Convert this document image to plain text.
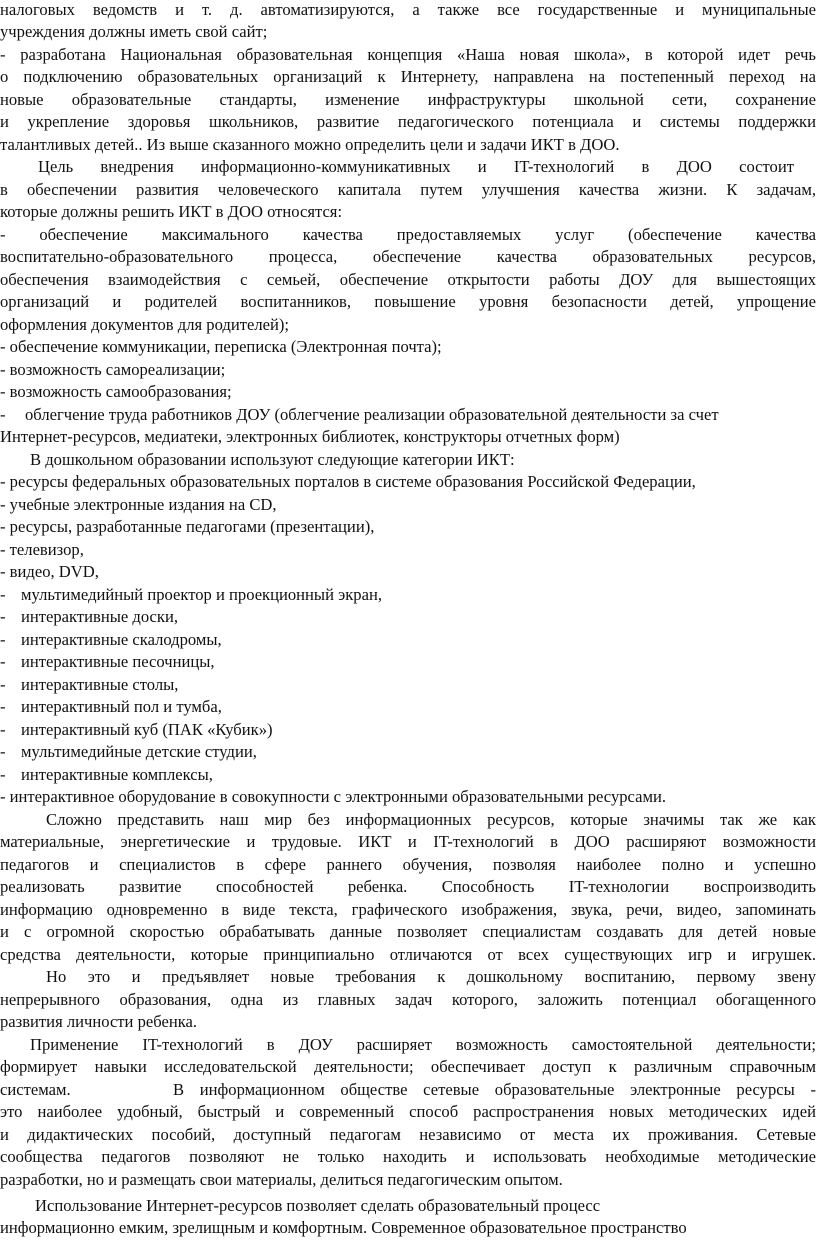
налоговых ведомств и т. д. автоматизируются, а также все государственные и муниципальные
учреждения должны иметь свой сайт;
- разработана Национальная образовательная концепция «Наша новая школа», в которой идет речь
о подключению образовательных организаций к Интернету, направлена на постепенный переход на
новые образовательные стандарты, изменение инфраструктуры школьной сети, сохранение
и укрепление здоровья школьников, развитие педагогического потенциала и системы поддержки
талантливых детей.. Из выше сказанного можно определить цели и задачи ИКТ в ДОО.
Цель внедрения информационно-коммуникативных и IT-технологий в ДОО состоит
в обеспечении развития человеческого капитала путем улучшения качества жизни. К задачам,
которые должны решить ИКТ в ДОО относятся:
- обеспечение максимального качества предоставляемых услуг (обеспечение качества
воспитательно-образовательного процесса, обеспечение качества образовательных ресурсов,
обеспечения взаимодействия с семьей, обеспечение открытости работы ДОУ для вышестоящих
организаций и родителей воспитанников, повышение уровня безопасности детей, упрощение
оформления документов для родителей);
- обеспечение коммуникации, переписка (Электронная почта);
- возможность самореализации;
- возможность самообразования;
- облегчение труда работников ДОУ (облегчение реализации образовательной деятельности за счет
Интернет-ресурсов, медиатеки, электронных библиотек, конструкторы отчетных форм)
В дошкольном образовании используют следующие категории ИКТ:
- ресурсы федеральных образовательных порталов в системе образования Российской Федерации,
- учебные электронные издания на CD,
- ресурсы, разработанные педагогами (презентации),
- телевизор,
- видео, DVD,
- мультимедийный проектор и проекционный экран,
- интерактивные доски,
- интерактивные скалодромы,
- интерактивные песочницы,
- интерактивные столы,
- интерактивный пол и тумба,
- интерактивный куб (ПАК «Кубик»)
- мультимедийные детские студии,
- интерактивные комплексы,
- интерактивное оборудование в совокупности с электронными образовательными ресурсами.
Сложно представить наш мир без информационных ресурсов, которые значимы так же как
материальные, энергетические и трудовые. ИКТ и IT-технологий в ДОО расширяют возможности
педагогов и специалистов в сфере раннего обучения, позволяя наиболее полно и успешно
реализовать развитие способностей ребенка. Способность IT-технологии воспроизводить
информацию одновременно в виде текста, графического изображения, звука, речи, видео, запоминать
и с огромной скоростью обрабатывать данные позволяет специалистам создавать для детей новые
средства деятельности, которые принципиально отличаются от всех существующих игр и игрушек.
Но это и предъявляет новые требования к дошкольному воспитанию, первому звену
непрерывного образования, одна из главных задач которого, заложить потенциал обогащенного
развития личности ребенка.
Применение IT-технологий в ДОУ расширяет возможность самостоятельной деятельности;
формирует навыки исследовательской деятельности; обеспечивает доступ к различным справочным
системам.	В информационном обществе сетевые образовательные электронные ресурсы -
это наиболее удобный, быстрый и современный способ распространения новых методических идей
и дидактических пособий, доступный педагогам независимо от места их проживания. Сетевые
сообщества педагогов позволяют не только находить и использовать необходимые методические
разработки, но и размещать свои материалы, делиться педагогическим опытом.
Использование Интернет-ресурсов позволяет сделать образовательный процесс
информационно емким, зрелищным и комфортным. Современное образовательное пространство
